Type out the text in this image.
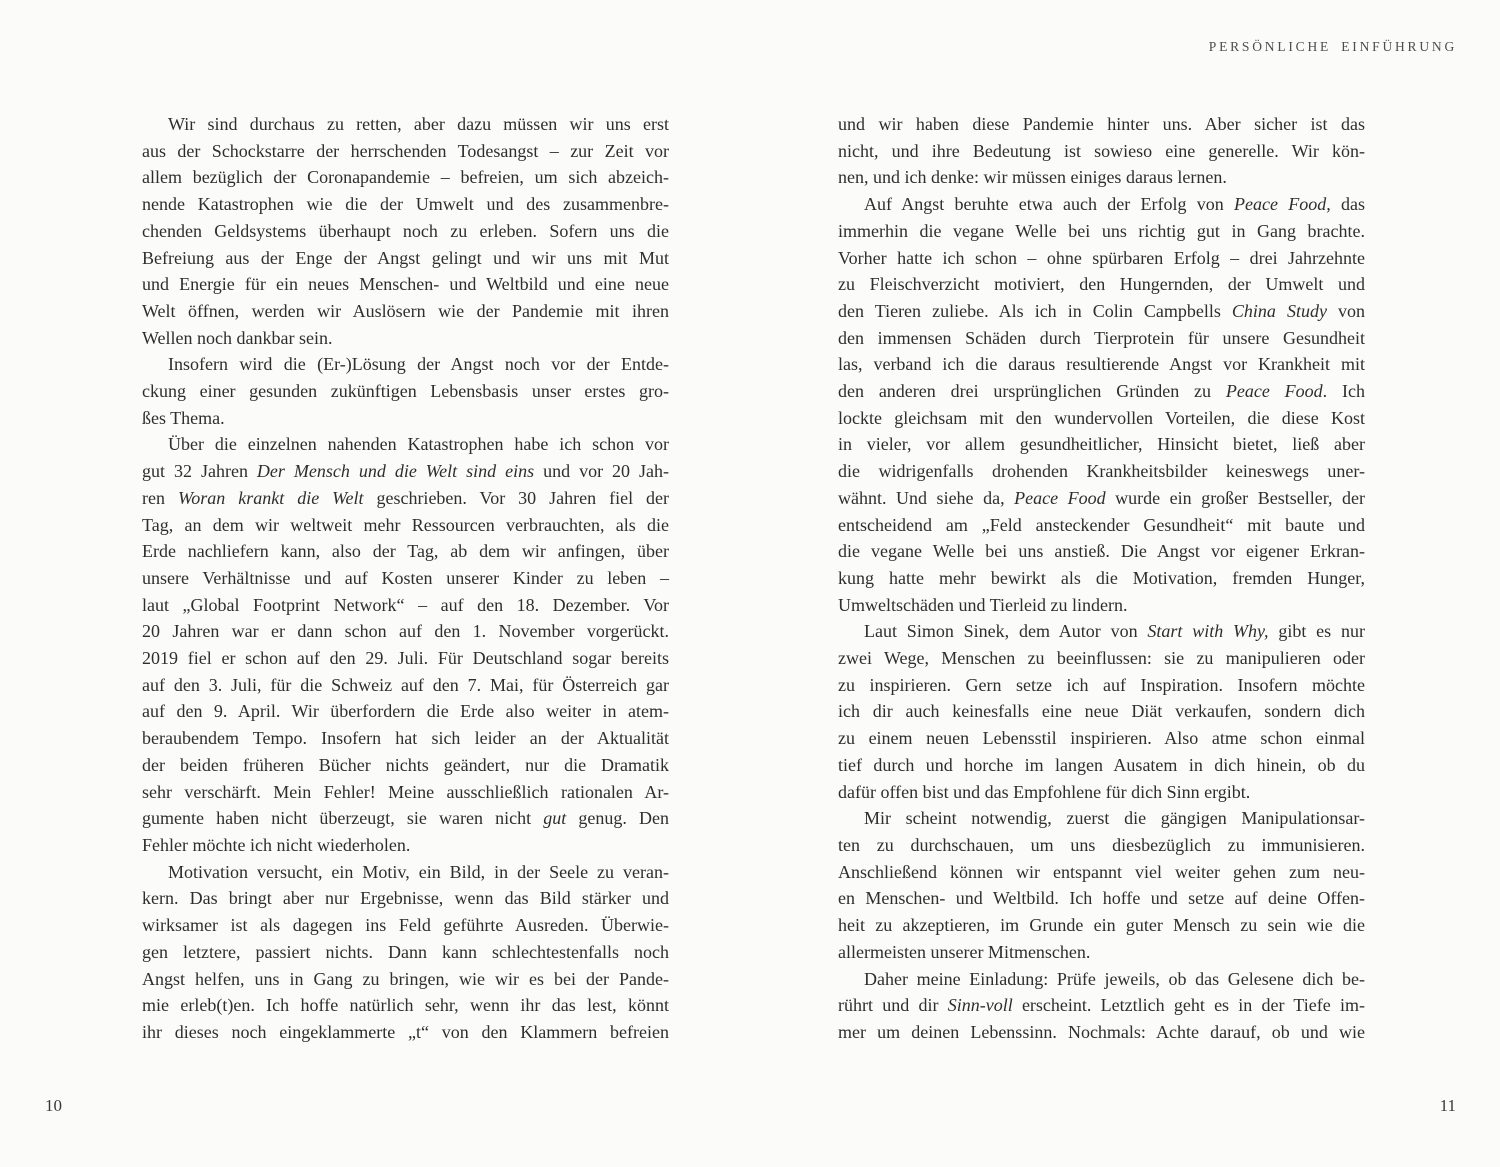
PERSÖNLICHE EINFÜHRUNG
Wir sind durchaus zu retten, aber dazu müssen wir uns erst
aus der Schockstarre der herrschenden Todesangst – zur Zeit vor
allem bezüglich der Coronapandemie – befreien, um sich abzeich-
nende Katastrophen wie die der Umwelt und des zusammenbre-
chenden Geldsystems überhaupt noch zu erleben. Sofern uns die
Befreiung aus der Enge der Angst gelingt und wir uns mit Mut
und Energie für ein neues Menschen- und Weltbild und eine neue
Welt öffnen, werden wir Auslösern wie der Pandemie mit ihren
Wellen noch dankbar sein.
Insofern wird die (Er-)Lösung der Angst noch vor der Entde-
ckung einer gesunden zukünftigen Lebensbasis unser erstes gro-
ßes Thema.
Über die einzelnen nahenden Katastrophen habe ich schon vor
gut 32 Jahren Der Mensch und die Welt sind eins und vor 20 Jah-
ren Woran krankt die Welt geschrieben. Vor 30 Jahren fiel der
Tag, an dem wir weltweit mehr Ressourcen verbrauchten, als die
Erde nachliefern kann, also der Tag, ab dem wir anfingen, über
unsere Verhältnisse und auf Kosten unserer Kinder zu leben –
laut „Global Footprint Network“ – auf den 18. Dezember. Vor
20 Jahren war er dann schon auf den 1. November vorgerückt.
2019 fiel er schon auf den 29. Juli. Für Deutschland sogar bereits
auf den 3. Juli, für die Schweiz auf den 7. Mai, für Österreich gar
auf den 9. April. Wir überfordern die Erde also weiter in atem-
beraubendem Tempo. Insofern hat sich leider an der Aktualität
der beiden früheren Bücher nichts geändert, nur die Dramatik
sehr verschärft. Mein Fehler! Meine ausschließlich rationalen Ar-
gumente haben nicht überzeugt, sie waren nicht gut genug. Den
Fehler möchte ich nicht wiederholen.
Motivation versucht, ein Motiv, ein Bild, in der Seele zu veran-
kern. Das bringt aber nur Ergebnisse, wenn das Bild stärker und
wirksamer ist als dagegen ins Feld geführte Ausreden. Überwie-
gen letztere, passiert nichts. Dann kann schlechtestenfalls noch
Angst helfen, uns in Gang zu bringen, wie wir es bei der Pande-
mie erleb(t)en. Ich hoffe natürlich sehr, wenn ihr das lest, könnt
ihr dieses noch eingeklammerte „t“ von den Klammern befreien
und wir haben diese Pandemie hinter uns. Aber sicher ist das
nicht, und ihre Bedeutung ist sowieso eine generelle. Wir kön-
nen, und ich denke: wir müssen einiges daraus lernen.
Auf Angst beruhte etwa auch der Erfolg von Peace Food, das
immerhin die vegane Welle bei uns richtig gut in Gang brachte.
Vorher hatte ich schon – ohne spürbaren Erfolg – drei Jahrzehnte
zu Fleischverzicht motiviert, den Hungernden, der Umwelt und
den Tieren zuliebe. Als ich in Colin Campbells China Study von
den immensen Schäden durch Tierprotein für unsere Gesundheit
las, verband ich die daraus resultierende Angst vor Krankheit mit
den anderen drei ursprünglichen Gründen zu Peace Food. Ich
lockte gleichsam mit den wundervollen Vorteilen, die diese Kost
in vieler, vor allem gesundheitlicher, Hinsicht bietet, ließ aber
die widrigenfalls drohenden Krankheitsbilder keineswegs uner-
wähnt. Und siehe da, Peace Food wurde ein großer Bestseller, der
entscheidend am „Feld ansteckender Gesundheit“ mit baute und
die vegane Welle bei uns anstieß. Die Angst vor eigener Erkran-
kung hatte mehr bewirkt als die Motivation, fremden Hunger,
Umweltschäden und Tierleid zu lindern.
Laut Simon Sinek, dem Autor von Start with Why, gibt es nur
zwei Wege, Menschen zu beeinflussen: sie zu manipulieren oder
zu inspirieren. Gern setze ich auf Inspiration. Insofern möchte
ich dir auch keinesfalls eine neue Diät verkaufen, sondern dich
zu einem neuen Lebensstil inspirieren. Also atme schon einmal
tief durch und horche im langen Ausatem in dich hinein, ob du
dafür offen bist und das Empfohlene für dich Sinn ergibt.
Mir scheint notwendig, zuerst die gängigen Manipulationsar-
ten zu durchschauen, um uns diesbezüglich zu immunisieren.
Anschließend können wir entspannt viel weiter gehen zum neu-
en Menschen- und Weltbild. Ich hoffe und setze auf deine Offen-
heit zu akzeptieren, im Grunde ein guter Mensch zu sein wie die
allermeisten unserer Mitmenschen.
Daher meine Einladung: Prüfe jeweils, ob das Gelesene dich be-
rührt und dir Sinn-voll erscheint. Letztlich geht es in der Tiefe im-
mer um deinen Lebenssinn. Nochmals: Achte darauf, ob und wie
10	11
